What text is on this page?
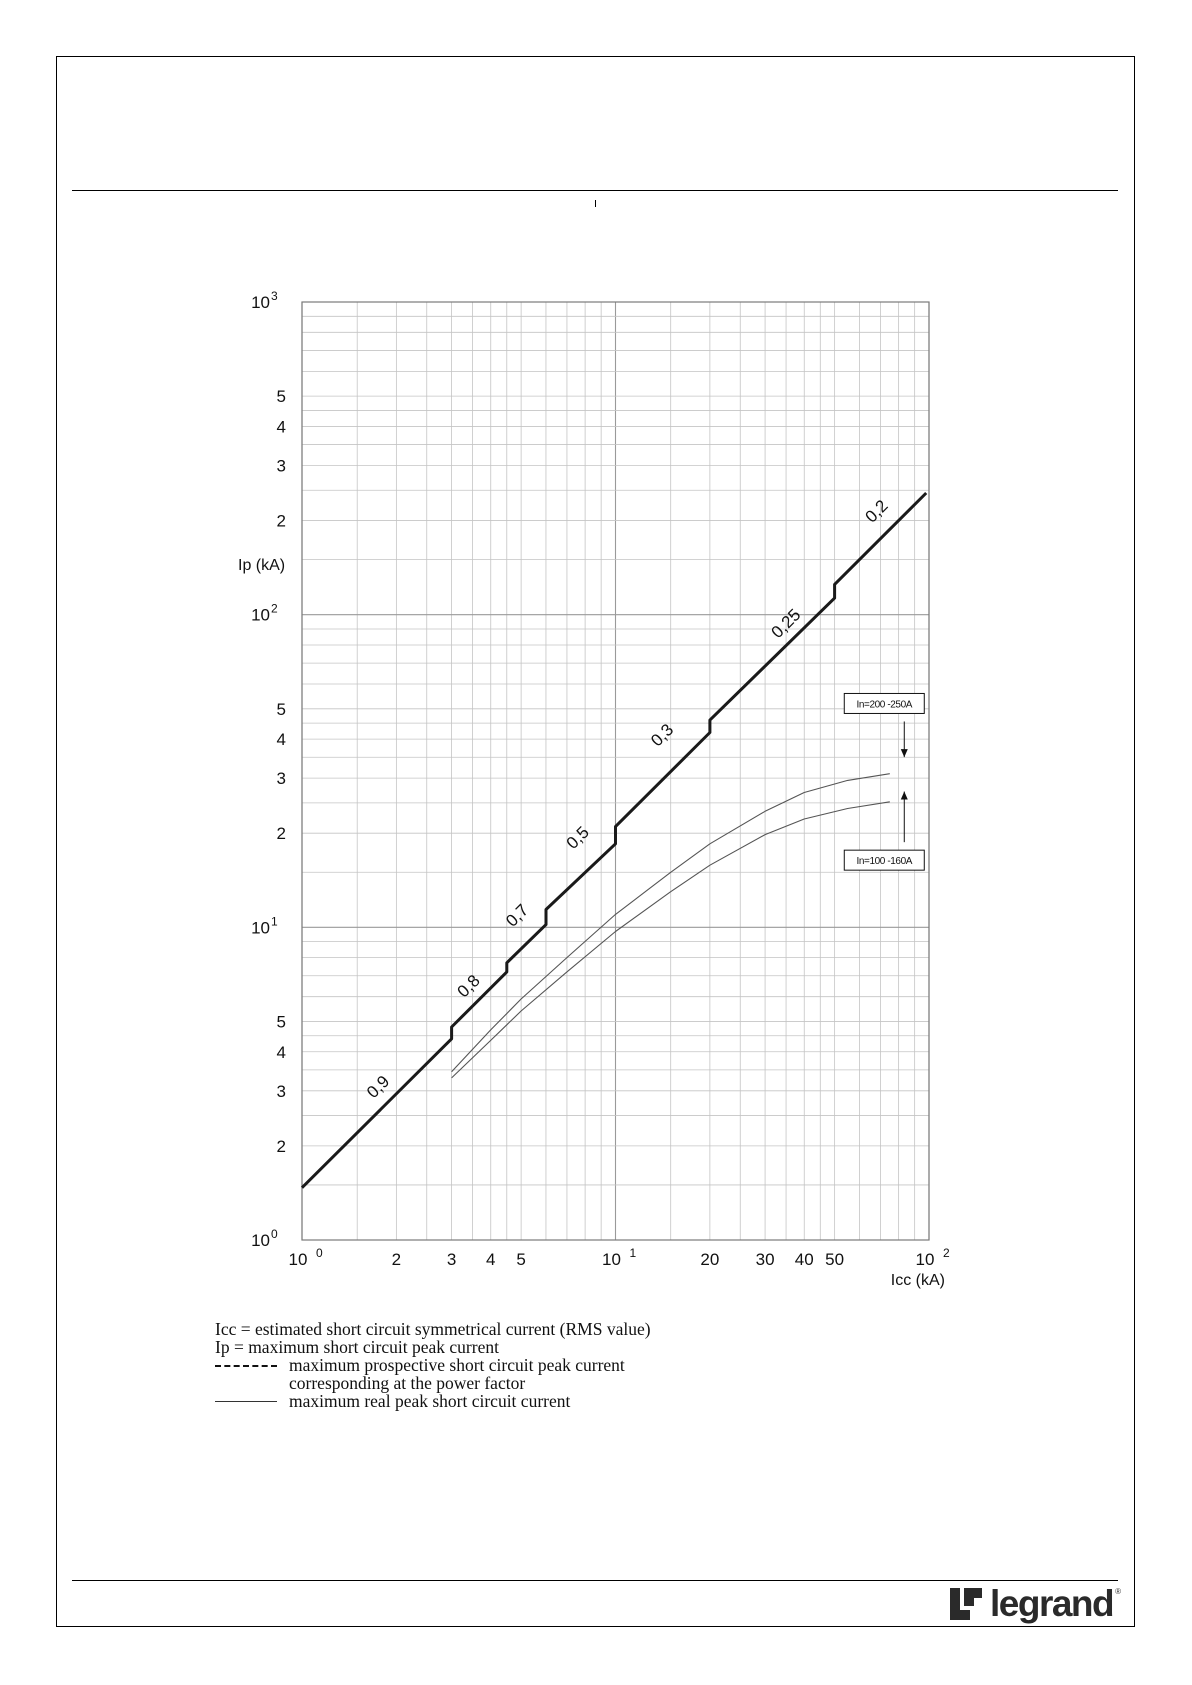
10 0	2	3 4 5	10 1	20 30 40 50	10 2
10 0
2
3
4
5
10 1
2
3
4
5
10 2
2
3
4
5
10 3
0,9
0,8
0,7
0,5
0,3
0,25
0,2
In=200 -250A
In=100 -160A
Ip (kA)
Icc (kA)
Icc = estimated short circuit symmetrical current (RMS value)
Ip = maximum short circuit peak current
maximum prospective short circuit peak current
corresponding at the power factor
maximum real peak short circuit current
legrand ®
